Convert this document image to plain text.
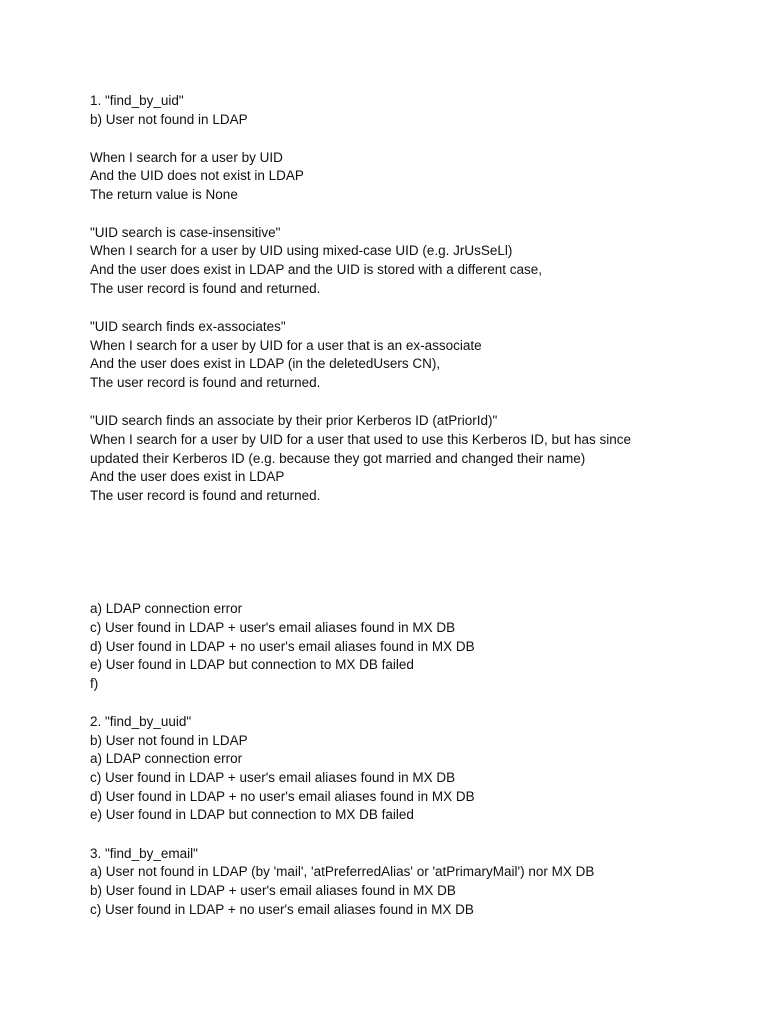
1. "find_by_uid"
b) User not found in LDAP
When I search for a user by UID
And the UID does not exist in LDAP
The return value is None
"UID search is case-insensitive"
When I search for a user by UID using mixed-case UID (e.g. JrUsSeLl)
And the user does exist in LDAP and the UID is stored with a different case,
The user record is found and returned.
"UID search finds ex-associates"
When I search for a user by UID for a user that is an ex-associate
And the user does exist in LDAP (in the deletedUsers CN),
The user record is found and returned.
"UID search finds an associate by their prior Kerberos ID (atPriorId)"
When I search for a user by UID for a user that used to use this Kerberos ID, but has since
updated their Kerberos ID (e.g. because they got married and changed their name)
And the user does exist in LDAP
The user record is found and returned.
a) LDAP connection error
c) User found in LDAP + user's email aliases found in MX DB
d) User found in LDAP + no user's email aliases found in MX DB
e) User found in LDAP but connection to MX DB failed
f)
2. "find_by_uuid"
b) User not found in LDAP
a) LDAP connection error
c) User found in LDAP + user's email aliases found in MX DB
d) User found in LDAP + no user's email aliases found in MX DB
e) User found in LDAP but connection to MX DB failed
3. "find_by_email"
a) User not found in LDAP (by 'mail', 'atPreferredAlias' or 'atPrimaryMail') nor MX DB
b) User found in LDAP + user's email aliases found in MX DB
c) User found in LDAP + no user's email aliases found in MX DB
